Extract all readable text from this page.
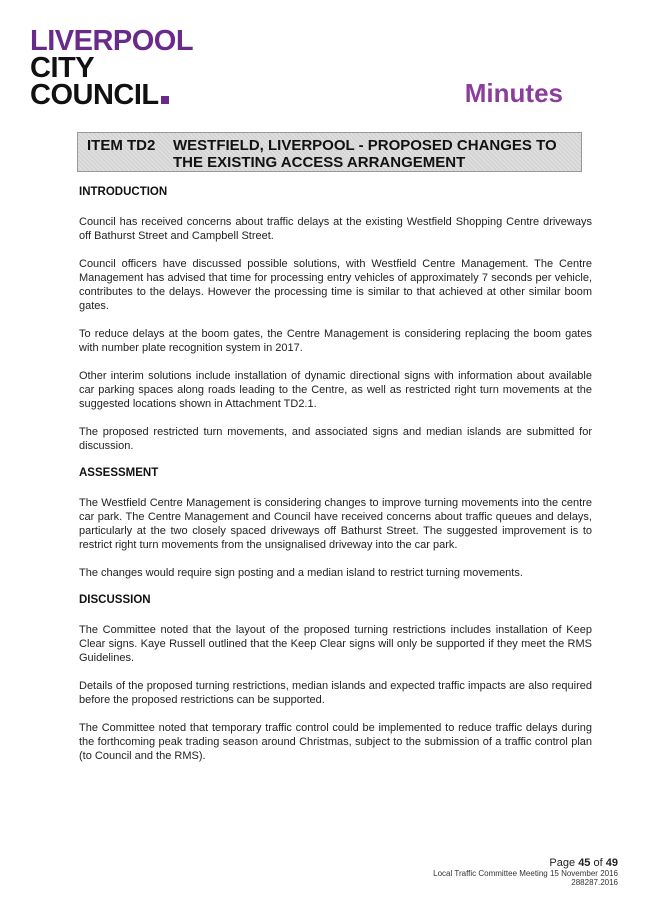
LIVERPOOL
CITY
COUNCIL	Minutes
ITEM TD2 WESTFIELD, LIVERPOOL - PROPOSED CHANGES TO THE EXISTING ACCESS ARRANGEMENT
INTRODUCTION

Council has received concerns about traffic delays at the existing Westfield Shopping Centre driveways off Bathurst Street and Campbell Street.

Council officers have discussed possible solutions, with Westfield Centre Management. The Centre Management has advised that time for processing entry vehicles of approximately 7 seconds per vehicle, contributes to the delays. However the processing time is similar to that achieved at other similar boom gates.

To reduce delays at the boom gates, the Centre Management is considering replacing the boom gates with number plate recognition system in 2017.

Other interim solutions include installation of dynamic directional signs with information about available car parking spaces along roads leading to the Centre, as well as restricted right turn movements at the suggested locations shown in Attachment TD2.1.

The proposed restricted turn movements, and associated signs and median islands are submitted for discussion.

ASSESSMENT

The Westfield Centre Management is considering changes to improve turning movements into the centre car park. The Centre Management and Council have received concerns about traffic queues and delays, particularly at the two closely spaced driveways off Bathurst Street. The suggested improvement is to restrict right turn movements from the unsignalised driveway into the car park.

The changes would require sign posting and a median island to restrict turning movements.

DISCUSSION

The Committee noted that the layout of the proposed turning restrictions includes installation of Keep Clear signs. Kaye Russell outlined that the Keep Clear signs will only be supported if they meet the RMS Guidelines.

Details of the proposed turning restrictions, median islands and expected traffic impacts are also required before the proposed restrictions can be supported.

The Committee noted that temporary traffic control could be implemented to reduce traffic delays during the forthcoming peak trading season around Christmas, subject to the submission of a traffic control plan (to Council and the RMS).

Page 45 of 49
Local Traffic Committee Meeting 15 November 2016
288287.2016
